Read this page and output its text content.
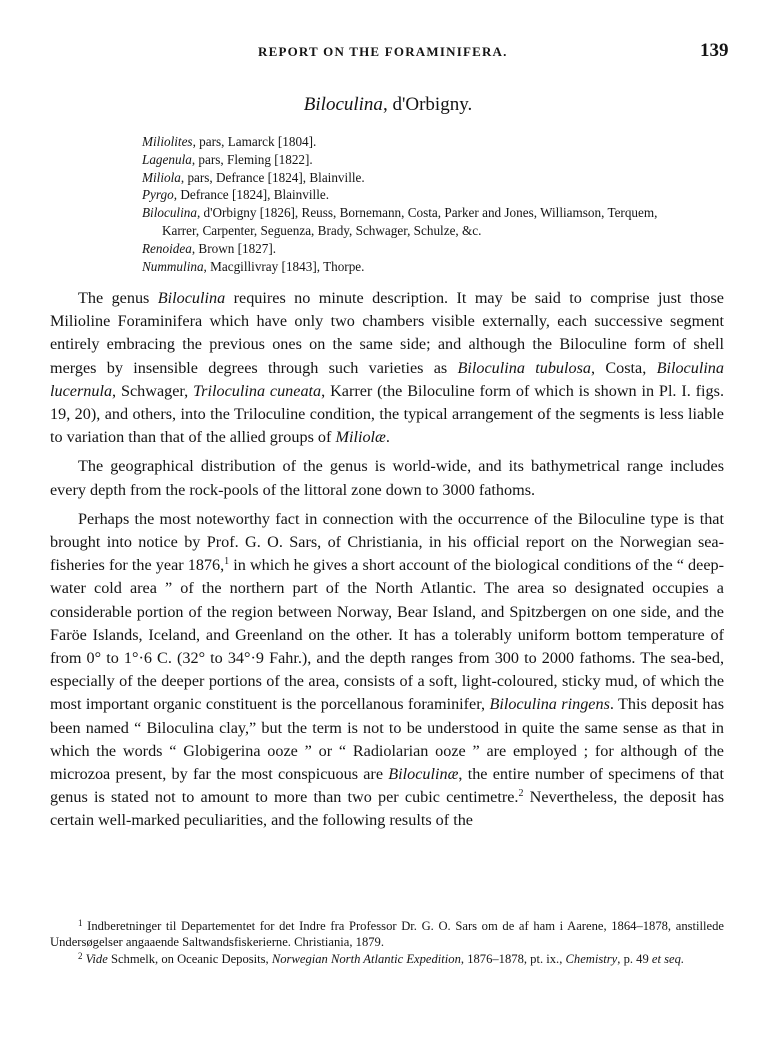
REPORT ON THE FORAMINIFERA.	139
Biloculina, d'Orbigny.
Miliolites, pars, Lamarck [1804].
Lagenula, pars, Fleming [1822].
Miliola, pars, Defrance [1824], Blainville.
Pyrgo, Defrance [1824], Blainville.
Biloculina, d'Orbigny [1826], Reuss, Bornemann, Costa, Parker and Jones, Williamson, Terquem,
Karrer, Carpenter, Seguenza, Brady, Schwager, Schulze, &c.
Renoidea, Brown [1827].
Nummulina, Macgillivray [1843], Thorpe.

The genus Biloculina requires no minute description. It may be said to comprise just those Milioline Foraminifera which have only two chambers visible externally, each successive segment entirely embracing the previous ones on the same side; and although the Biloculine form of shell merges by insensible degrees through such varieties as Biloculina tubulosa, Costa, Biloculina lucernula, Schwager, Triloculina cuneata, Karrer (the Biloculine form of which is shown in Pl. I. figs. 19, 20), and others, into the Triloculine condition, the typical arrangement of the segments is less liable to variation than that of the allied groups of Miliolæ.

The geographical distribution of the genus is world-wide, and its bathymetrical range includes every depth from the rock-pools of the littoral zone down to 3000 fathoms.

Perhaps the most noteworthy fact in connection with the occurrence of the Biloculine type is that brought into notice by Prof. G. O. Sars, of Christiania, in his official report on the Norwegian sea-fisheries for the year 1876,$^1$ in which he gives a short account of the biological conditions of the “ deep-water cold area ” of the northern part of the North Atlantic. The area so designated occupies a considerable portion of the region between Norway, Bear Island, and Spitzbergen on one side, and the Faröe Islands, Iceland, and Greenland on the other. It has a tolerably uniform bottom temperature of from 0° to 1°·6 C. (32° to 34°·9 Fahr.), and the depth ranges from 300 to 2000 fathoms. The sea-bed, especially of the deeper portions of the area, consists of a soft, light-coloured, sticky mud, of which the most important organic constituent is the porcellanous foraminifer, Biloculina ringens. This deposit has been named “ Biloculina clay,” but the term is not to be understood in quite the same sense as that in which the words “ Globigerina ooze ” or “ Radiolarian ooze ” are employed ; for although of the microzoa present, by far the most conspicuous are Biloculinæ, the entire number of specimens of that genus is stated not to amount to more than two per cubic centimetre.$^2$ Nevertheless, the deposit has certain well-marked peculiarities, and the following results of the

$^1$ Indberetninger til Departementet for det Indre fra Professor Dr. G. O. Sars om de af ham i Aarene, 1864–1878, anstillede Undersøgelser angaaende Saltwandsfiskerierne. Christiania, 1879.

$^2$ Vide Schmelk, on Oceanic Deposits, Norwegian North Atlantic Expedition, 1876–1878, pt. ix., Chemistry, p. 49 et seq.
